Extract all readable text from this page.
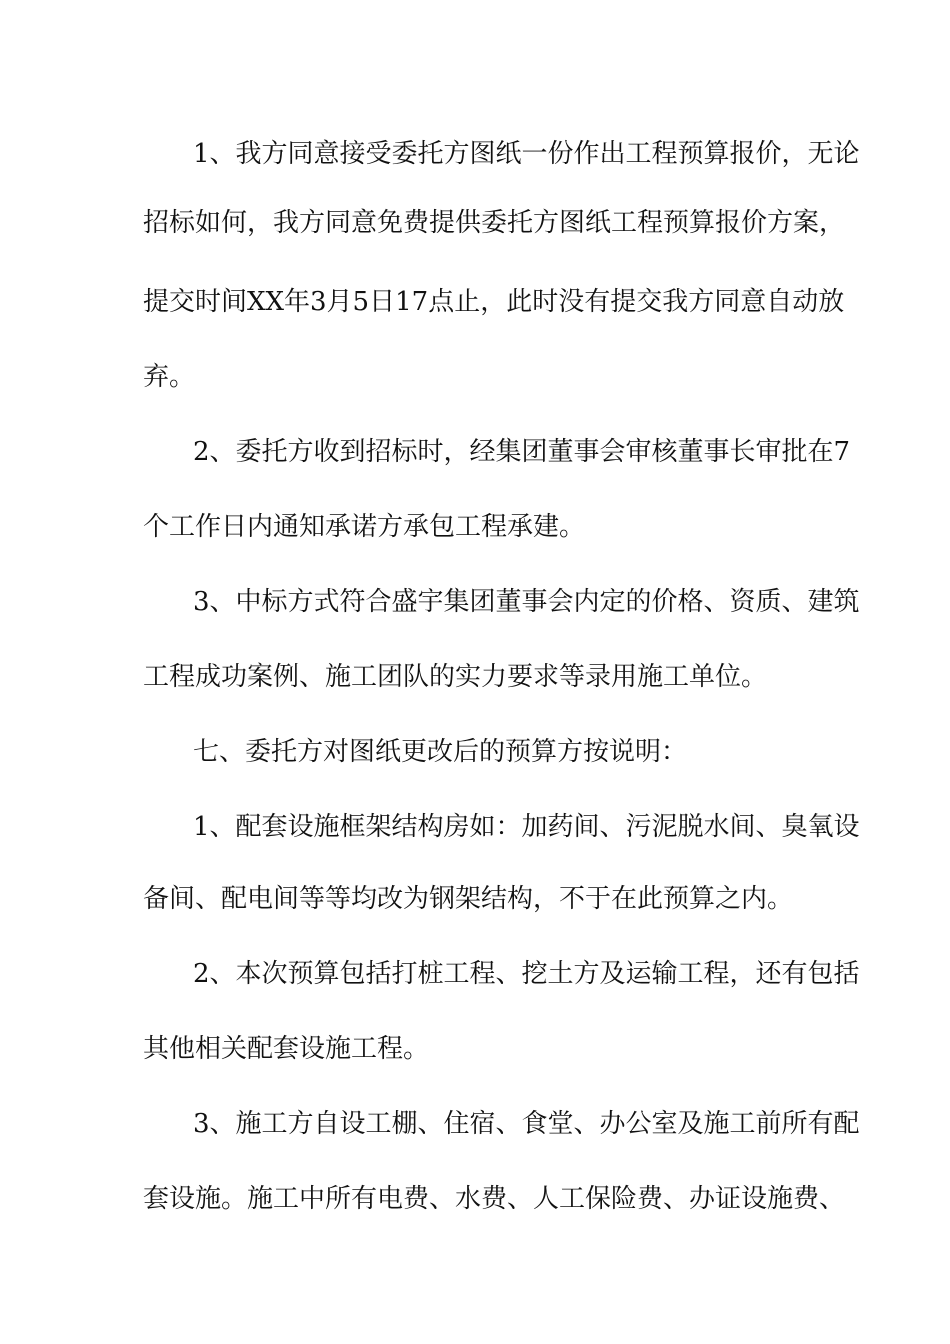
1、我方同意接受委托方图纸一份作出工程预算报价，无论
招标如何，我方同意免费提供委托方图纸工程预算报价方案，
提交时间XX年3月5日17点止，此时没有提交我方同意自动放
弃。
2、委托方收到招标时，经集团董事会审核董事长审批在7
个工作日内通知承诺方承包工程承建。
3、中标方式符合盛宇集团董事会内定的价格、资质、建筑
工程成功案例、施工团队的实力要求等录用施工单位。
七、委托方对图纸更改后的预算方按说明：
1、配套设施框架结构房如：加药间、污泥脱水间、臭氧设
备间、配电间等等均改为钢架结构，不于在此预算之内。
2、本次预算包括打桩工程、挖土方及运输工程，还有包括
其他相关配套设施工程。
3、施工方自设工棚、住宿、食堂、办公室及施工前所有配
套设施。施工中所有电费、水费、人工保险费、办证设施费、
